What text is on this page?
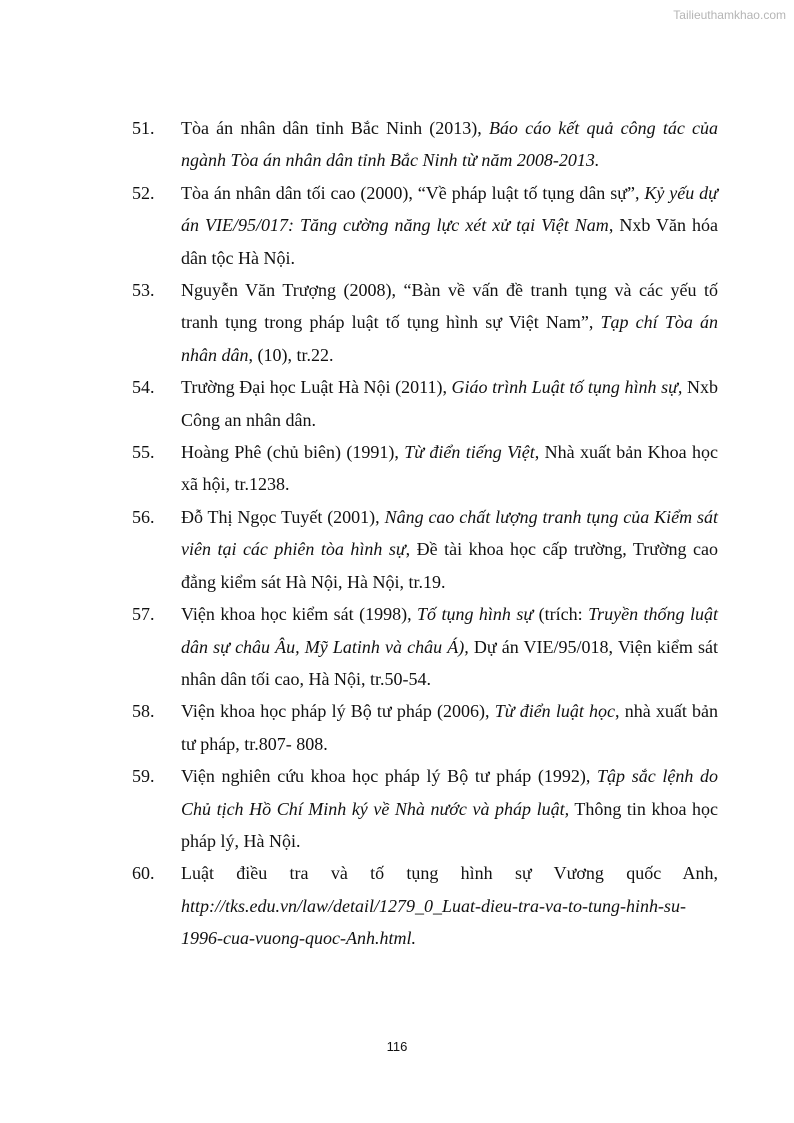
Tailieuthamkhao.com
51. Tòa án nhân dân tỉnh Bắc Ninh (2013), Báo cáo kết quả công tác của ngành Tòa án nhân dân tỉnh Bắc Ninh từ năm 2008-2013.
52. Tòa án nhân dân tối cao (2000), “Về pháp luật tố tụng dân sự”, Kỷ yếu dự án VIE/95/017: Tăng cường năng lực xét xử tại Việt Nam, Nxb Văn hóa dân tộc Hà Nội.
53. Nguyễn Văn Trượng (2008), “Bàn về vấn đề tranh tụng và các yếu tố tranh tụng trong pháp luật tố tụng hình sự Việt Nam”, Tạp chí Tòa án nhân dân, (10), tr.22.
54. Trường Đại học Luật Hà Nội (2011), Giáo trình Luật tố tụng hình sự, Nxb Công an nhân dân.
55. Hoàng Phê (chủ biên) (1991), Từ điển tiếng Việt, Nhà xuất bản Khoa học xã hội, tr.1238.
56. Đỗ Thị Ngọc Tuyết (2001), Nâng cao chất lượng tranh tụng của Kiểm sát viên tại các phiên tòa hình sự, Đề tài khoa học cấp trường, Trường cao đẳng kiểm sát Hà Nội, Hà Nội, tr.19.
57. Viện khoa học kiểm sát (1998), Tố tụng hình sự (trích: Truyền thống luật dân sự châu Âu, Mỹ Latinh và châu Á), Dự án VIE/95/018, Viện kiểm sát nhân dân tối cao, Hà Nội, tr.50-54.
58. Viện khoa học pháp lý Bộ tư pháp (2006), Từ điển luật học, nhà xuất bản tư pháp, tr.807- 808.
59. Viện nghiên cứu khoa học pháp lý Bộ tư pháp (1992), Tập sắc lệnh do Chủ tịch Hồ Chí Minh ký về Nhà nước và pháp luật, Thông tin khoa học pháp lý, Hà Nội.
60. Luật điều tra và tố tụng hình sự Vương quốc Anh, http://tks.edu.vn/law/detail/1279_0_Luat-dieu-tra-va-to-tung-hinh-su-1996-cua-vuong-quoc-Anh.html.
116
